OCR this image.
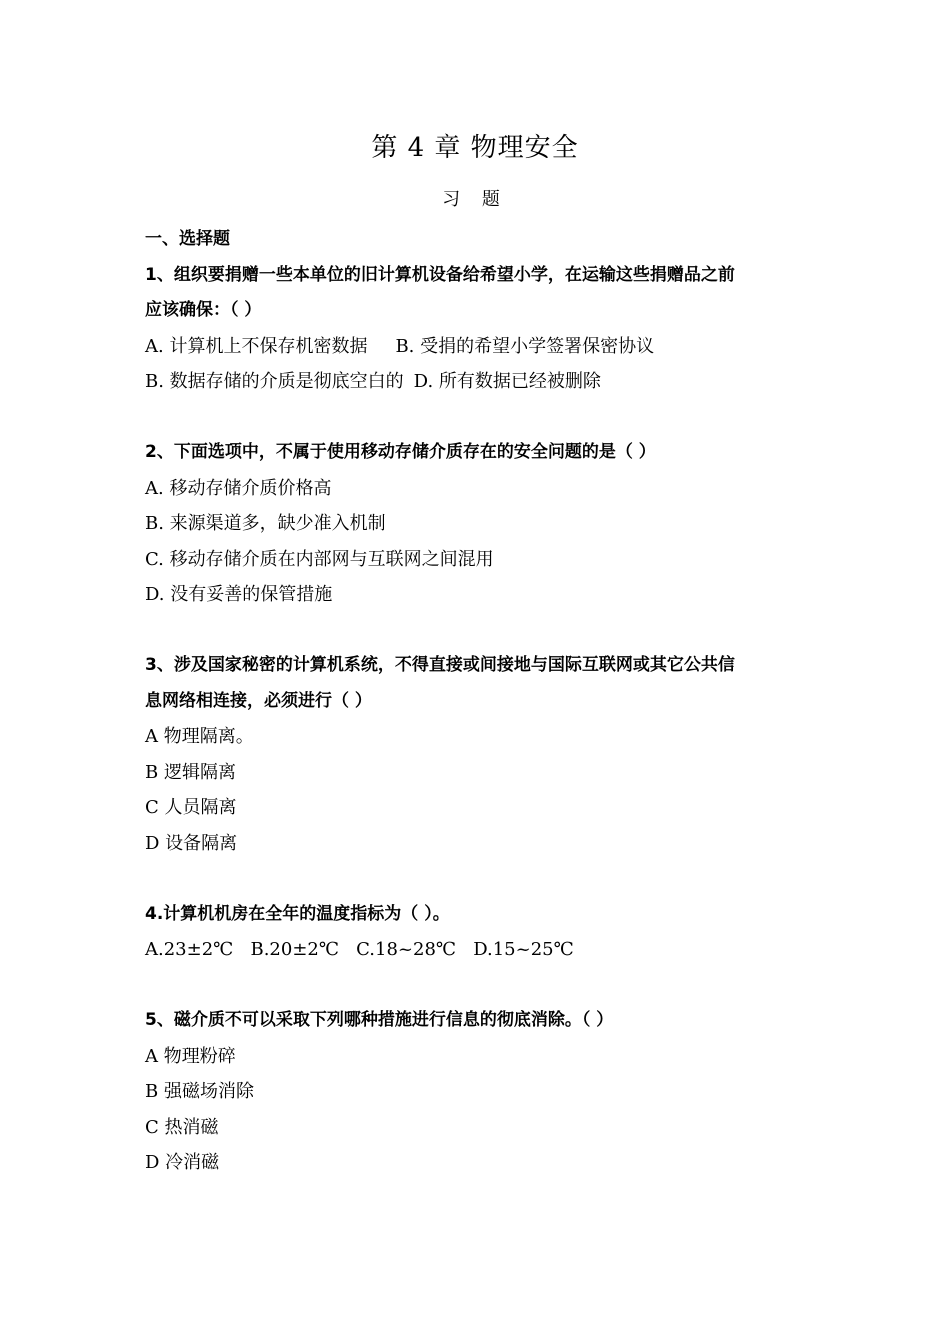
第 4 章 物理安全
习 题
一、选择题
1、组织要捐赠一些本单位的旧计算机设备给希望小学，在运输这些捐赠品之前
应该确保：（ ）
A. 计算机上不保存机密数据 B. 受捐的希望小学签署保密协议
B. 数据存储的介质是彻底空白的 D. 所有数据已经被删除
2、下面选项中，不属于使用移动存储介质存在的安全问题的是（ ）
A. 移动存储介质价格高
B. 来源渠道多，缺少准入机制
C. 移动存储介质在内部网与互联网之间混用
D. 没有妥善的保管措施
3、涉及国家秘密的计算机系统，不得直接或间接地与国际互联网或其它公共信
息网络相连接，必须进行（ ）
A 物理隔离。
B 逻辑隔离
C 人员隔离
D 设备隔离
4.计算机机房在全年的温度指标为（ ）。
A.23±2℃   B.20±2℃   C.18~28℃   D.15~25℃
5、磁介质不可以采取下列哪种措施进行信息的彻底消除。（ ）
A 物理粉碎
B 强磁场消除
C 热消磁
D 冷消磁
